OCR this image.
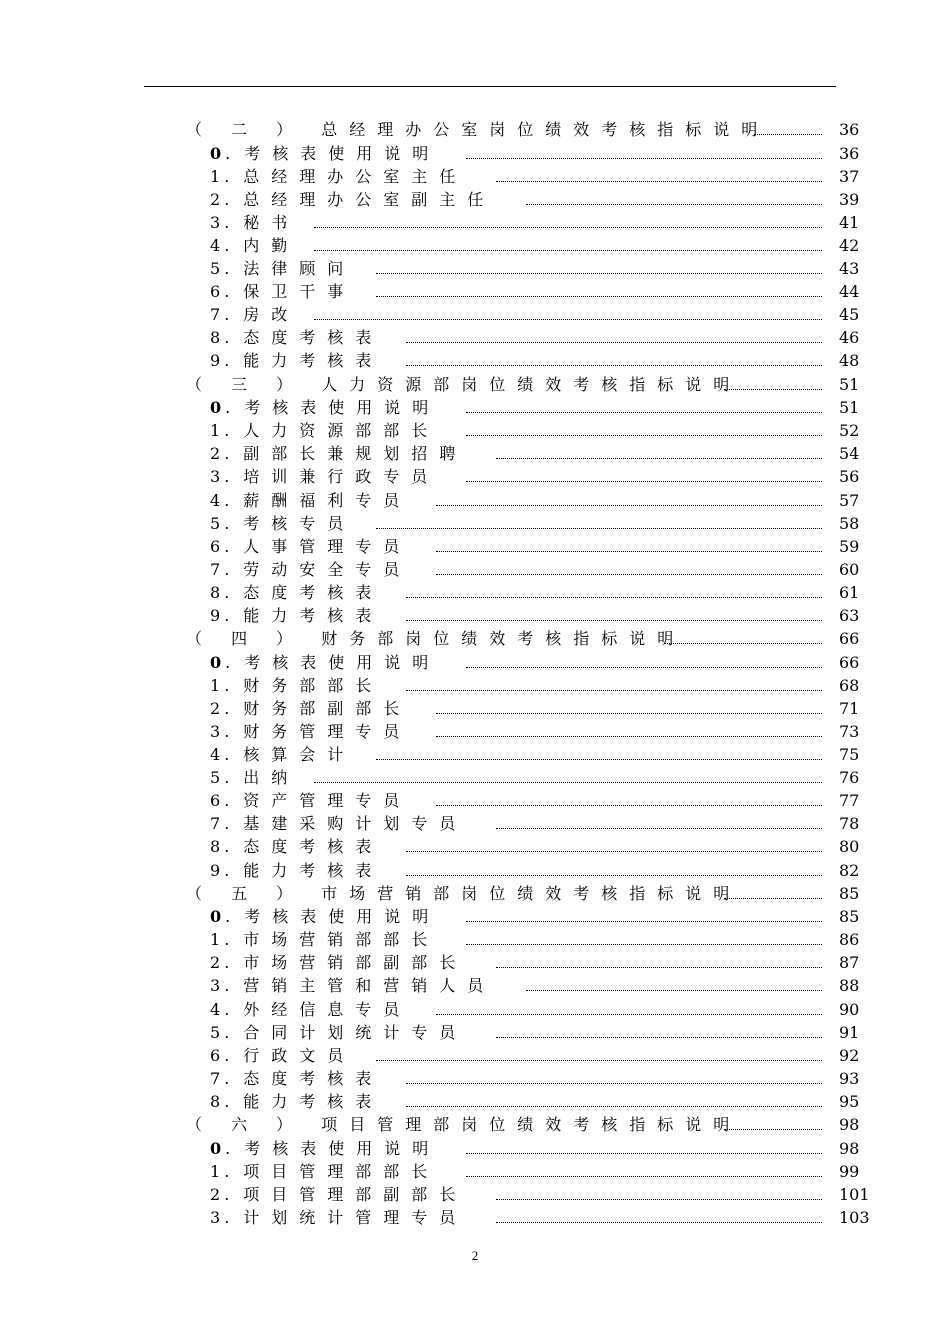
（ 二 ） 总经理办公室岗位绩效考核指标说明	36
0.考核表使用说明	36
1.总经理办公室主任	37
2.总经理办公室副主任	39
3.秘书	41
4.内勤	42
5.法律顾问	43
6.保卫干事	44
7.房改	45
8.态度考核表	46
9.能力考核表	48
（ 三 ） 人力资源部岗位绩效考核指标说明	51
0.考核表使用说明	51
1.人力资源部部长	52
2.副部长兼规划招聘	54
3.培训兼行政专员	56
4.薪酬福利专员	57
5.考核专员	58
6.人事管理专员	59
7.劳动安全专员	60
8.态度考核表	61
9.能力考核表	63
（ 四 ） 财务部岗位绩效考核指标说明	66
0.考核表使用说明	66
1.财务部部长	68
2.财务部副部长	71
3.财务管理专员	73
4.核算会计	75
5.出纳	76
6.资产管理专员	77
7.基建采购计划专员	78
8.态度考核表	80
9.能力考核表	82
（ 五 ） 市场营销部岗位绩效考核指标说明	85
0.考核表使用说明	85
1.市场营销部部长	86
2.市场营销部副部长	87
3.营销主管和营销人员	88
4.外经信息专员	90
5.合同计划统计专员	91
6.行政文员	92
7.态度考核表	93
8.能力考核表	95
（ 六 ） 项目管理部岗位绩效考核指标说明	98
0.考核表使用说明	98
1.项目管理部部长	99
2.项目管理部副部长	101
3.计划统计管理专员	103
2
